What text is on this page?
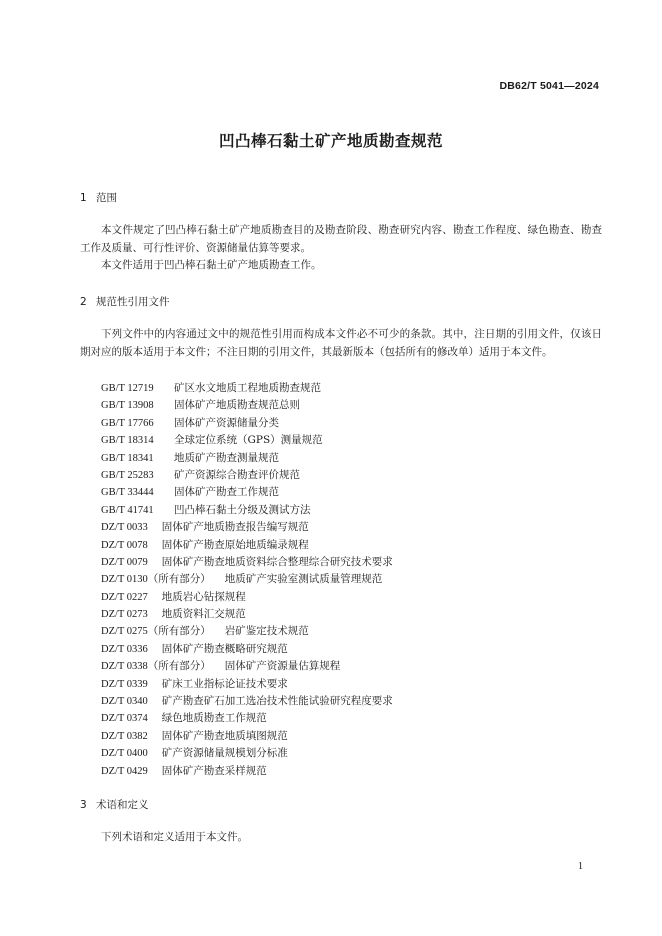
DB62/T 5041—2024
凹凸棒石黏土矿产地质勘查规范
1 范围
本文件规定了凹凸棒石黏土矿产地质勘查目的及勘查阶段、勘查研究内容、勘查工作程度、绿色勘查、勘查工作及质量、可行性评价、资源储量估算等要求。
本文件适用于凹凸棒石黏土矿产地质勘查工作。
2 规范性引用文件
下列文件中的内容通过文中的规范性引用而构成本文件必不可少的条款。其中，注日期的引用文件，仅该日期对应的版本适用于本文件；不注日期的引用文件，其最新版本（包括所有的修改单）适用于本文件。
GB/T 12719 矿区水文地质工程地质勘查规范
GB/T 13908 固体矿产地质勘查规范总则
GB/T 17766 固体矿产资源储量分类
GB/T 18314 全球定位系统（GPS）测量规范
GB/T 18341 地质矿产勘查测量规范
GB/T 25283 矿产资源综合勘查评价规范
GB/T 33444 固体矿产勘查工作规范
GB/T 41741 凹凸棒石黏土分级及测试方法
DZ/T 0033 固体矿产地质勘查报告编写规范
DZ/T 0078 固体矿产勘查原始地质编录规程
DZ/T 0079 固体矿产勘查地质资料综合整理综合研究技术要求
DZ/T 0130（所有部分） 地质矿产实验室测试质量管理规范
DZ/T 0227 地质岩心钻探规程
DZ/T 0273 地质资料汇交规范
DZ/T 0275（所有部分） 岩矿鉴定技术规范
DZ/T 0336 固体矿产勘查概略研究规范
DZ/T 0338（所有部分） 固体矿产资源量估算规程
DZ/T 0339 矿床工业指标论证技术要求
DZ/T 0340 矿产勘查矿石加工选冶技术性能试验研究程度要求
DZ/T 0374 绿色地质勘查工作规范
DZ/T 0382 固体矿产勘查地质填图规范
DZ/T 0400 矿产资源储量规模划分标准
DZ/T 0429 固体矿产勘查采样规范
3 术语和定义
下列术语和定义适用于本文件。
1
